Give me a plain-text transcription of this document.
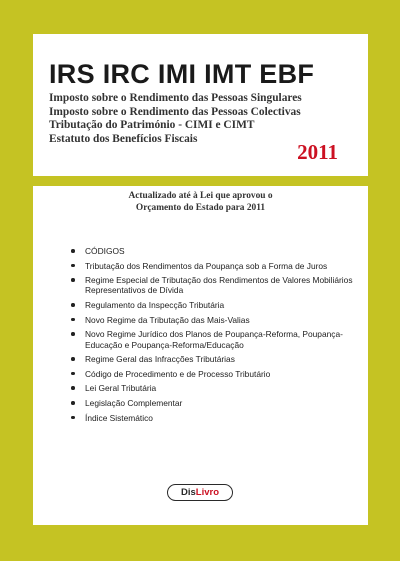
IRS IRC IMI IMT EBF
Imposto sobre o Rendimento das Pessoas Singulares
Imposto sobre o Rendimento das Pessoas Colectivas
Tributação do Património - CIMI e CIMT
Estatuto dos Benefícios Fiscais
2011
Actualizado até à Lei que aprovou o
Orçamento do Estado para 2011
CÓDIGOS
Tributação dos Rendimentos da Poupança sob a Forma de Juros
Regime Especial de Tributação dos Rendimentos de Valores Mobiliários Representativos de Dívida
Regulamento da Inspecção Tributária
Novo Regime da Tributação das Mais-Valias
Novo Regime Jurídico dos Planos de Poupança-Reforma, Poupança-Educação e Poupança-Reforma/Educação
Regime Geral das Infracções Tributárias
Código de Procedimento e de Processo Tributário
Lei Geral Tributária
Legislação Complementar
Índice Sistemático
Dis Livro
